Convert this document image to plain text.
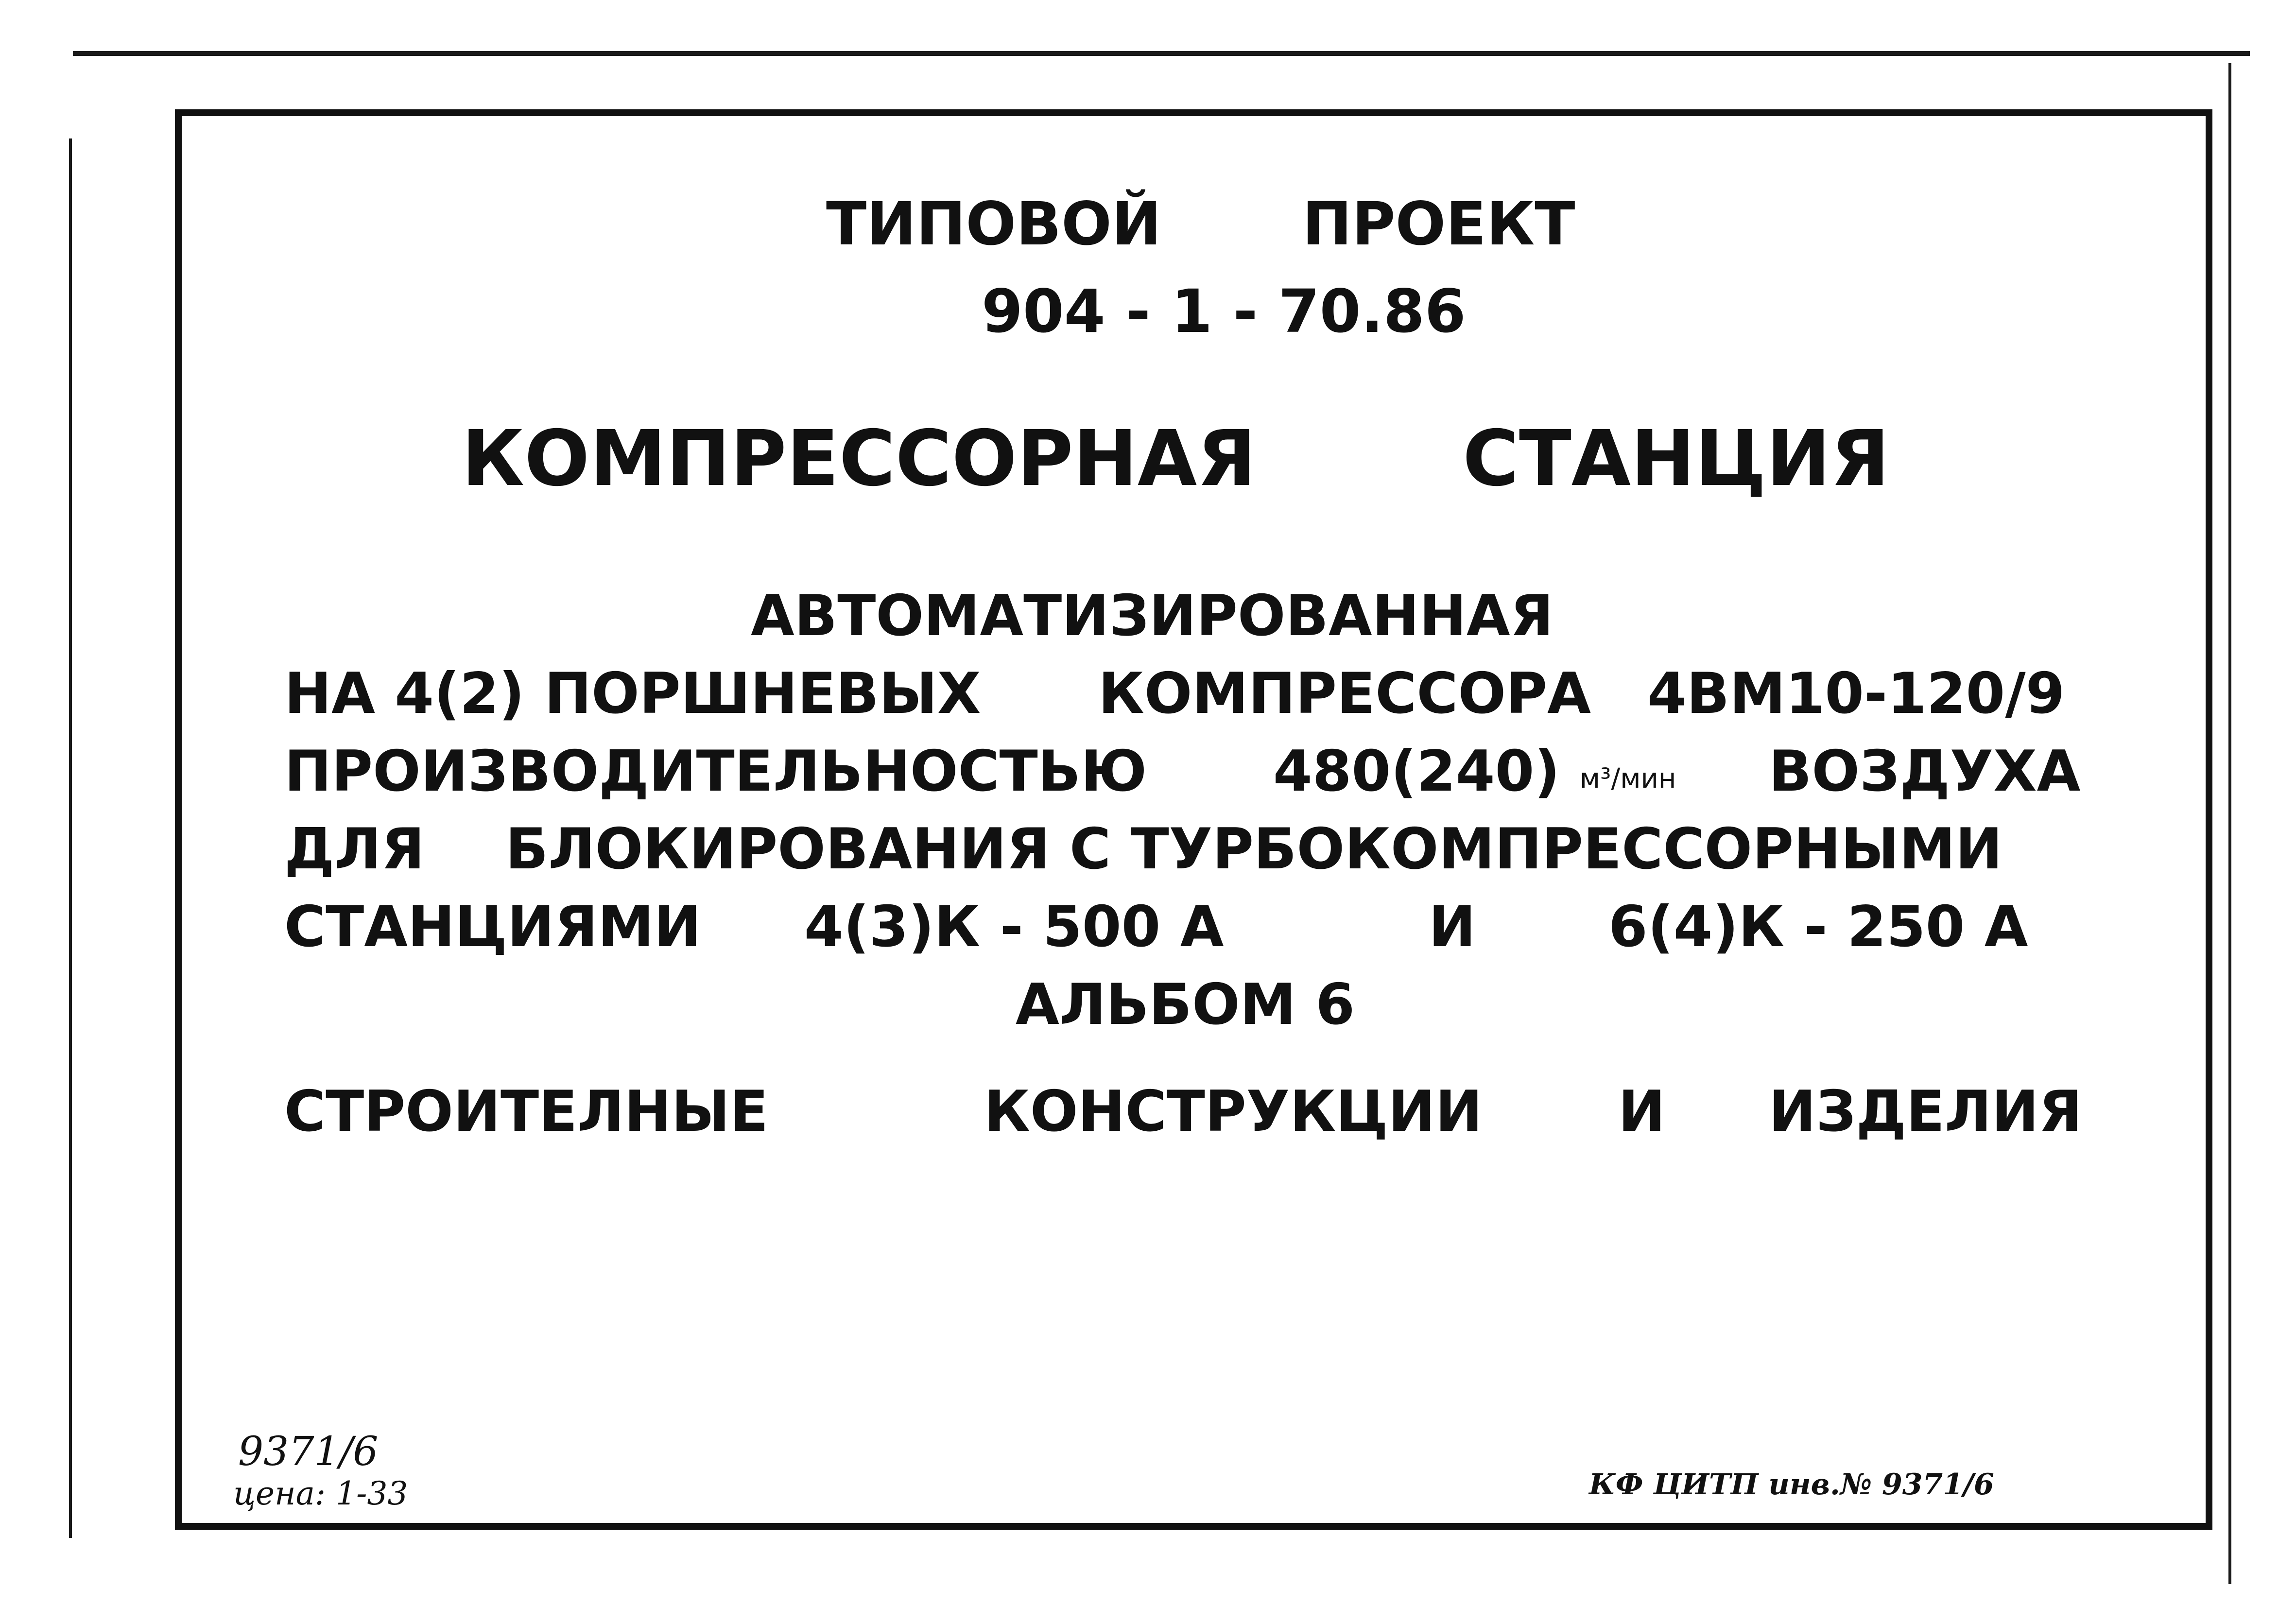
ТИПОВОЙ ПРОЕКТ
904 - 1 - 70.86
КОМПРЕССОРНАЯ	СТАНЦИЯ
АВТОМАТИЗИРОВАННАЯ
НА 4(2) ПОРШНЕВЫХ КОМПРЕССОРА 4ВМ10-120/9
ПРОИЗВОДИТЕЛЬНОСТЬЮ 480(240) м³/мин ВОЗДУХА
ДЛЯ БЛОКИРОВАНИЯ С ТУРБОКОМПРЕССОРНЫМИ
СТАНЦИЯМИ 4(3)К - 500 А	И 6(4)К - 250 А
АЛЬБОМ 6
СТРОИТЕЛНЫЕ	КОНСТРУКЦИИ И ИЗДЕЛИЯ
9371/6
цена: 1-33	КФ ЦИТП инв.№ 9371/6
